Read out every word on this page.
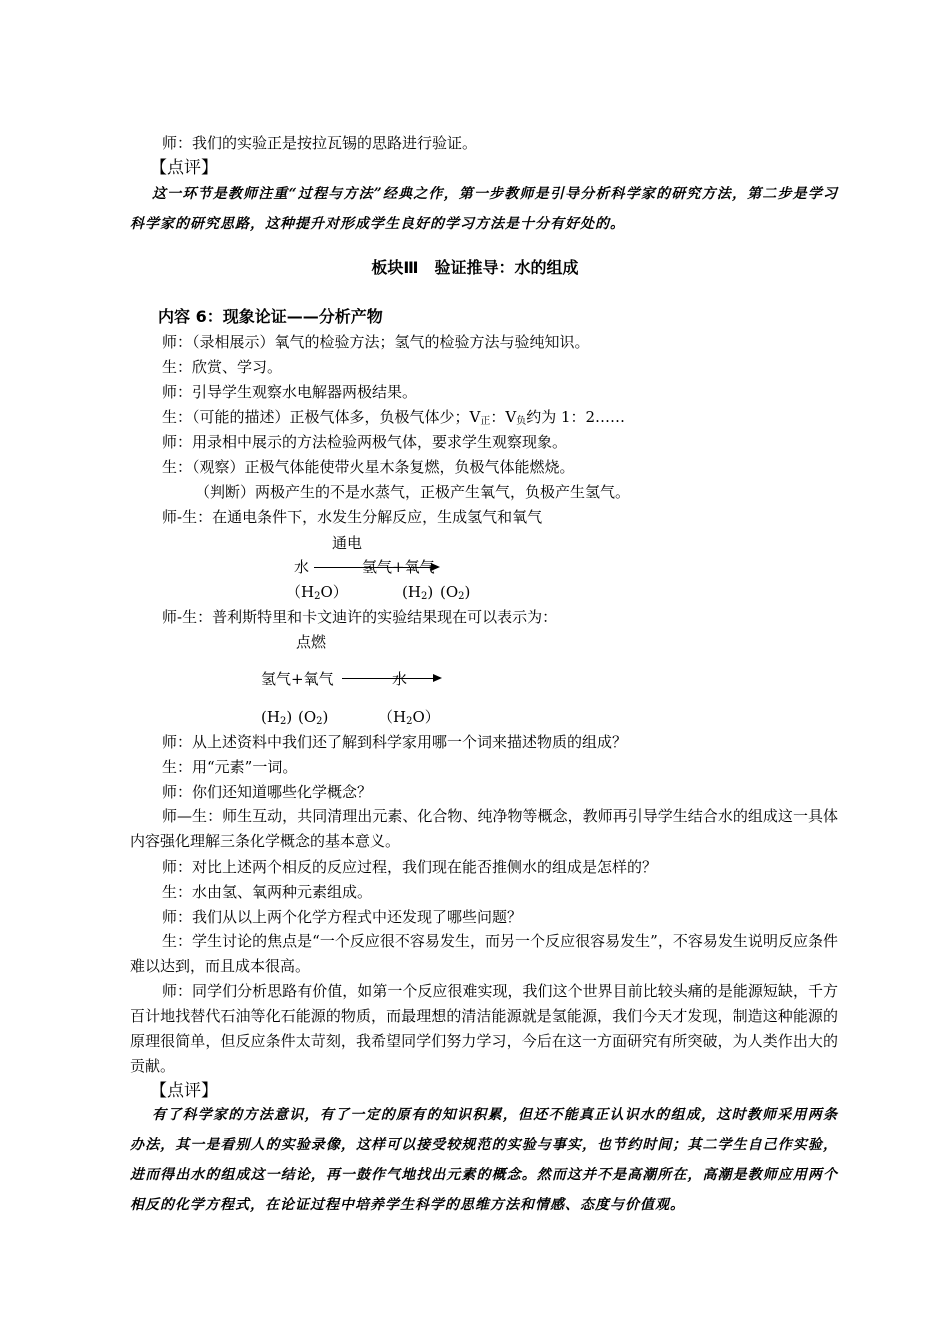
师：我们的实验正是按拉瓦锡的思路进行验证。
【点评】
这一环节是教师注重“过程与方法”经典之作，第一步教师是引导分析科学家的研究方法，第二步是学习科学家的研究思路，这种提升对形成学生良好的学习方法是十分有好处的。
板块Ⅲ　验证推导：水的组成
内容 6：现象论证——分析产物
师：（录相展示）氧气的检验方法；氢气的检验方法与验纯知识。
生：欣赏、学习。
师：引导学生观察水电解器两极结果。
生：（可能的描述）正极气体多，负极气体少；$V_正$：$V_负$约为 1：2……
师：用录相中展示的方法检验两极气体，要求学生观察现象。
生：（观察）正极气体能使带火星木条复燃，负极气体能燃烧。
（判断）两极产生的不是水蒸气，正极产生氧气，负极产生氢气。
师-生：在通电条件下，水发生分解反应，生成氢气和氧气
通电
水	氢气+氧气
$(H_2O)$	$(H_2)$ $(O_2)$
师-生：普利斯特里和卡文迪许的实验结果现在可以表示为：
点燃
氢气+氧气	水
$(H_2)$ $(O_2)$	$(H_2O)$
师：从上述资料中我们还了解到科学家用哪一个词来描述物质的组成？
生：用“元素”一词。
师：你们还知道哪些化学概念？
师—生：师生互动，共同清理出元素、化合物、纯净物等概念，教师再引导学生结合水的组成这一具体内容强化理解三条化学概念的基本意义。
师：对比上述两个相反的反应过程，我们现在能否推侧水的组成是怎样的？
生：水由氢、氧两种元素组成。
师：我们从以上两个化学方程式中还发现了哪些问题？
生：学生讨论的焦点是“一个反应很不容易发生，而另一个反应很容易发生”，不容易发生说明反应条件难以达到，而且成本很高。
师：同学们分析思路有价值，如第一个反应很难实现，我们这个世界目前比较头痛的是能源短缺，千方百计地找替代石油等化石能源的物质，而最理想的清洁能源就是氢能源，我们今天才发现，制造这种能源的原理很简单，但反应条件太苛刻，我希望同学们努力学习，今后在这一方面研究有所突破，为人类作出大的贡献。
【点评】
有了科学家的方法意识，有了一定的原有的知识积累，但还不能真正认识水的组成，这时教师采用两条办法，其一是看别人的实验录像，这样可以接受较规范的实验与事实，也节约时间；其二学生自己作实验，进而得出水的组成这一结论，再一鼓作气地找出元素的概念。然而这并不是高潮所在，高潮是教师应用两个相反的化学方程式，在论证过程中培养学生科学的思维方法和情感、态度与价值观。
